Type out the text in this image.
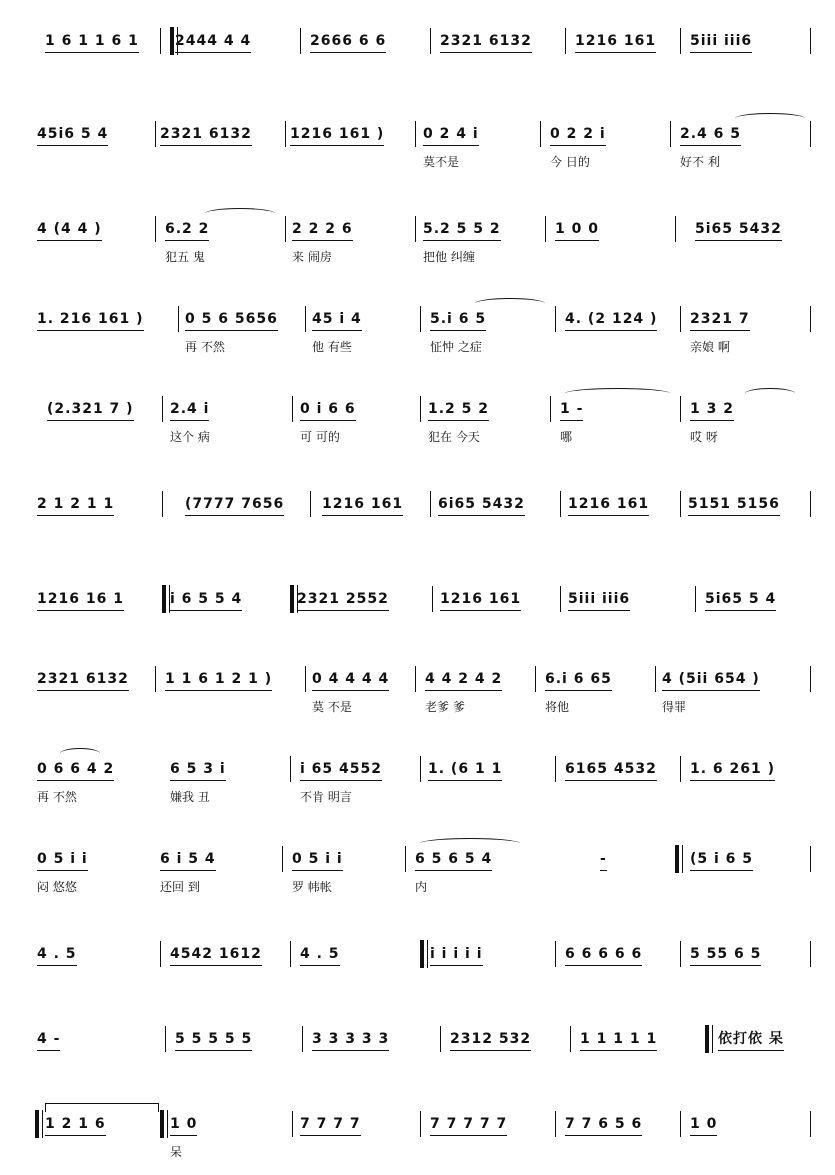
1 6 1 1 6 1	2444 4 4	2666 6 6	2321 6132	1216 161 5iii iii6
45i6 5 4	2321 6132	1216 161 )	0 2 4 i
莫不是
0 2 2 i
今 日的
2.4 6 5
好不 利
4 (4 4 )	6.2 2
犯五 鬼
2 2 2 6
来 闹房
5.2 5 5 2
把他 纠缠
1 0 0	5i65 5432
1. 216 161 )	0 5 6 5656
再 不然
45 i 4
他 有些
5.i 6 5
怔忡 之症
4. (2 124 ) 2321 7
亲娘 啊
(2.321 7 )	2.4 i
这个 病
0 i 6 6
可 可的
1.2 5 2
犯在 今天
1 -
哪
1 3 2
哎 呀
2 1 2 1 1	(7777 7656	1216 161 6i65 5432	1216 161	5151 5156
1216 16 1	i 6 5 5 4	2321 2552	1216 161	5iii iii6	5i65 5 4
2321 6132	1 1 6 1 2 1 )	0 4 4 4 4
莫 不是
4 4 2 4 2
老爹 爹
6.i 6 65
将他
4 (5ii 654 )
得罪
0 6 6 4 2
再 不然
6 5 3 i
嫌我 丑
i 65 4552
不肯 明言
1. (6 1 1	6165 4532 1. 6 261 )
0 5 i i
闷 悠悠
6 i 5 4
还回 到
0 5 i i
罗 帏帐
6 5 6 5 4
内
-	(5 i 6 5
4 . 5	4542 1612	4 . 5	i i i i i	6 6 6 6 6	5 55 6 5
4 -	5 5 5 5 5	3 3 3 3 3	2312 532	1 1 1 1 1	依打依 呆
1 2 1 6	1 0
呆
7 7 7 7	7 7 7 7 7	7 7 6 5 6	1 0
